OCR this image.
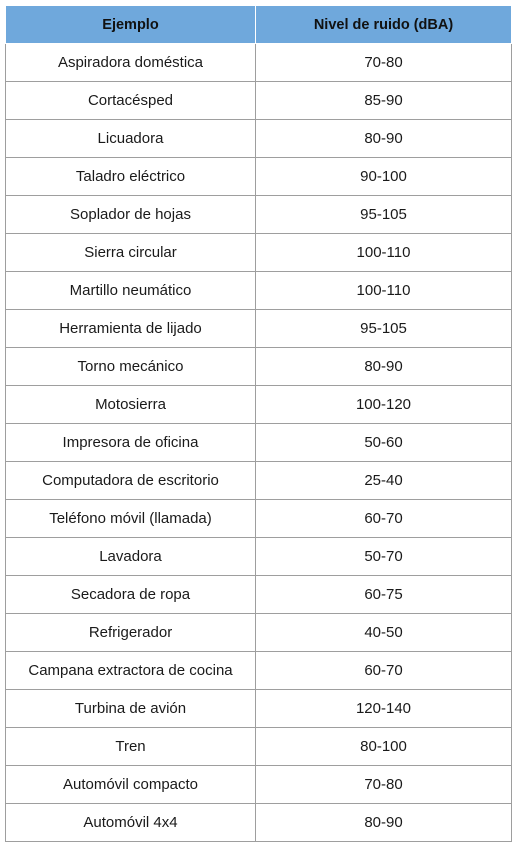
Ejemplo	Nivel de ruido (dBA)
Aspiradora doméstica	70-80
Cortacésped	85-90
Licuadora	80-90
Taladro eléctrico	90-100
Soplador de hojas	95-105
Sierra circular	100-110
Martillo neumático	100-110
Herramienta de lijado	95-105
Torno mecánico	80-90
Motosierra	100-120
Impresora de oficina	50-60
Computadora de escritorio	25-40
Teléfono móvil (llamada)	60-70
Lavadora	50-70
Secadora de ropa	60-75
Refrigerador	40-50
Campana extractora de cocina	60-70
Turbina de avión	120-140
Tren	80-100
Automóvil compacto	70-80
Automóvil 4x4	80-90
